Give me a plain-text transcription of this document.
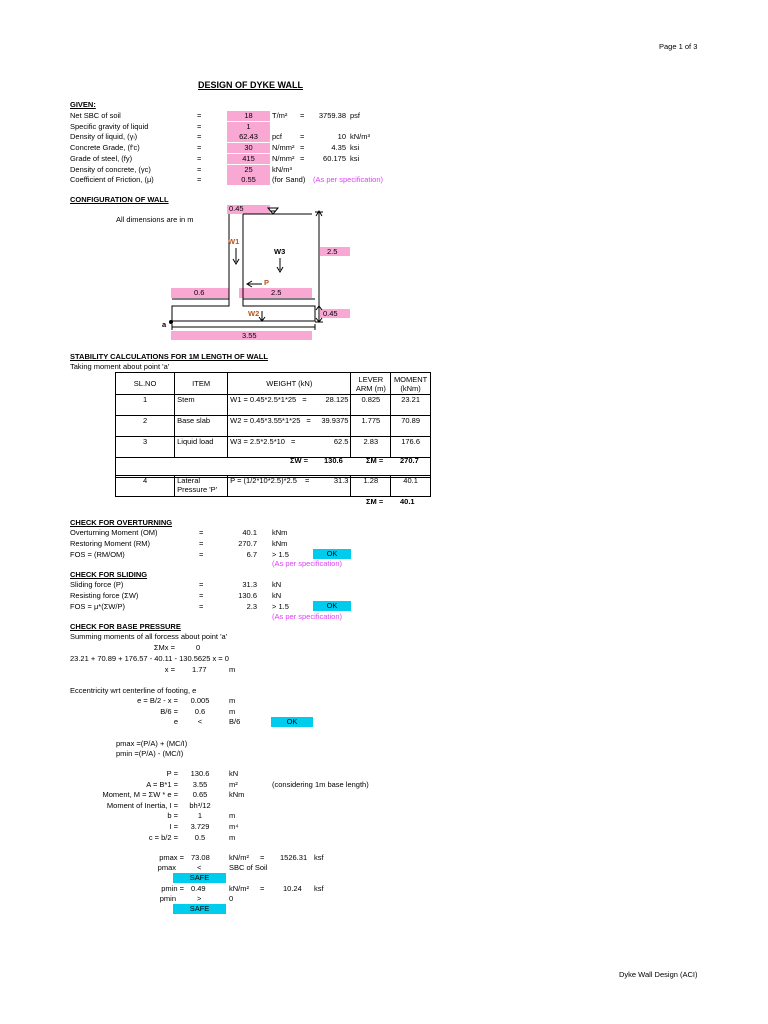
Page 1 of 3
DESIGN OF DYKE WALL
GIVEN:
Net SBC of soil	=	18	T/m² =	3759.38 psf
Specific gravity of liquid	=	1
Density of liquid, (γₗ)	=	62.43	pcf =	10 kN/m³
Concrete Grade, (f'c)	=	30	N/mm² =	4.35 ksi
Grade of steel, (fy)	=	415	N/mm² =	60.175 ksi
Density of concrete, (γc)	=	25	kN/m³
Coefficient of Friction, (μ)	=	0.55	(for Sand) (As per specification)
CONFIGURATION OF WALL
All dimensions are in m
0.45
2.5
0.6	2.5
0.45
3.55
W1
W3
P
W2
a
STABILITY CALCULATIONS FOR 1M LENGTH OF WALL
Taking moment about point 'a'
SL.NO	ITEM	WEIGHT (kN)	LEVER ARM (m)	MOMENT (kNm)
1	Stem	W1 = 0.45*2.5*1*25 = 28.125	0.825	23.21
2	Base slab	W2 = 0.45*3.55*1*25 = 39.9375	1.775	70.89
3	Liquid load	W3 = 2.5*2.5*10 = 62.5	2.83	176.6

ΣW = 130.6	ΣM = 270.7
4	Lateral Pressure 'P'	P = (1/2*10*2.5)*2.5 =	31.3	1.28	40.1
ΣM = 40.1
CHECK FOR OVERTURNING
Overturning Moment (OM)	=	40.1 kNm
Restoring Moment (RM)	=	270.7 kNm
FOS = (RM/OM)	=	6.7 > 1.5	OK
(As per specification)
CHECK FOR SLIDING
Sliding force (P)	=	31.3 kN
Resisting force (ΣW)	=	130.6 kN
FOS = μ*(ΣW/P)	=	2.3 > 1.5	OK
(As per specification)
CHECK FOR BASE PRESSURE
Summing moments of all forcess about point 'a'
ΣMx =	0
23.21 + 70.89 + 176.57 - 40.11 - 130.5625 x = 0
x = 1.77	m
Eccentricity wrt centerline of footing, e
e = B/2 - x =	0.005	m
B/6 =	0.6	m
e	<	B/6	OK
pmax =(P/A) + (MC/I)
pmin =(P/A) - (MC/I)
P =	130.6	kN
A = B*1 =	3.55	m²	(considering 1m base length)
Moment, M = ΣW * e =	0.65	kNm
Moment of Inertia, I =	bh³/12
b =	1	m
I =	3.729	m⁴
c = b/2 =	0.5	m
pmax = 73.08	kN/m² = 1526.31 ksf
pmax	<	SBC of Soil
SAFE
pmin = 0.49	kN/m² = 10.24 ksf
pmin	>	0
SAFE
Dyke Wall Design (ACI)
